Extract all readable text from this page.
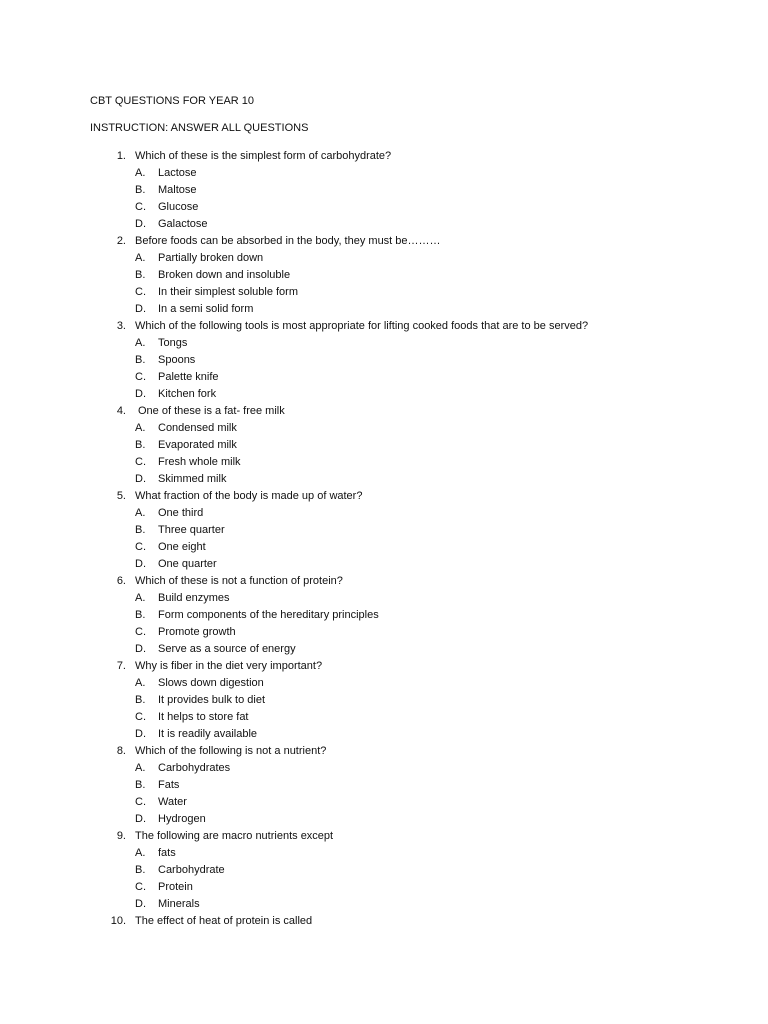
CBT QUESTIONS FOR YEAR 10
INSTRUCTION: ANSWER ALL QUESTIONS
1. Which of these is the simplest form of carbohydrate?
A. Lactose
B. Maltose
C. Glucose
D. Galactose
2. Before foods can be absorbed in the body, they must be………
A. Partially broken down
B. Broken down and insoluble
C. In their simplest soluble form
D. In a semi solid form
3. Which of the following tools is most appropriate for lifting cooked foods that are to be served?
A. Tongs
B. Spoons
C. Palette knife
D. Kitchen fork
4. One of these is a fat- free milk
A. Condensed milk
B. Evaporated milk
C. Fresh whole milk
D. Skimmed milk
5. What fraction of the body is made up of water?
A. One third
B. Three quarter
C. One eight
D. One quarter
6. Which of these is not a function of protein?
A. Build enzymes
B. Form components of the hereditary principles
C. Promote growth
D. Serve as a source of energy
7. Why is fiber in the diet very important?
A. Slows down digestion
B. It provides bulk to diet
C. It helps to store fat
D. It is readily available
8. Which of the following is not a nutrient?
A. Carbohydrates
B. Fats
C. Water
D. Hydrogen
9. The following are macro nutrients except
A. fats
B. Carbohydrate
C. Protein
D. Minerals
10. The effect of heat of protein is called
